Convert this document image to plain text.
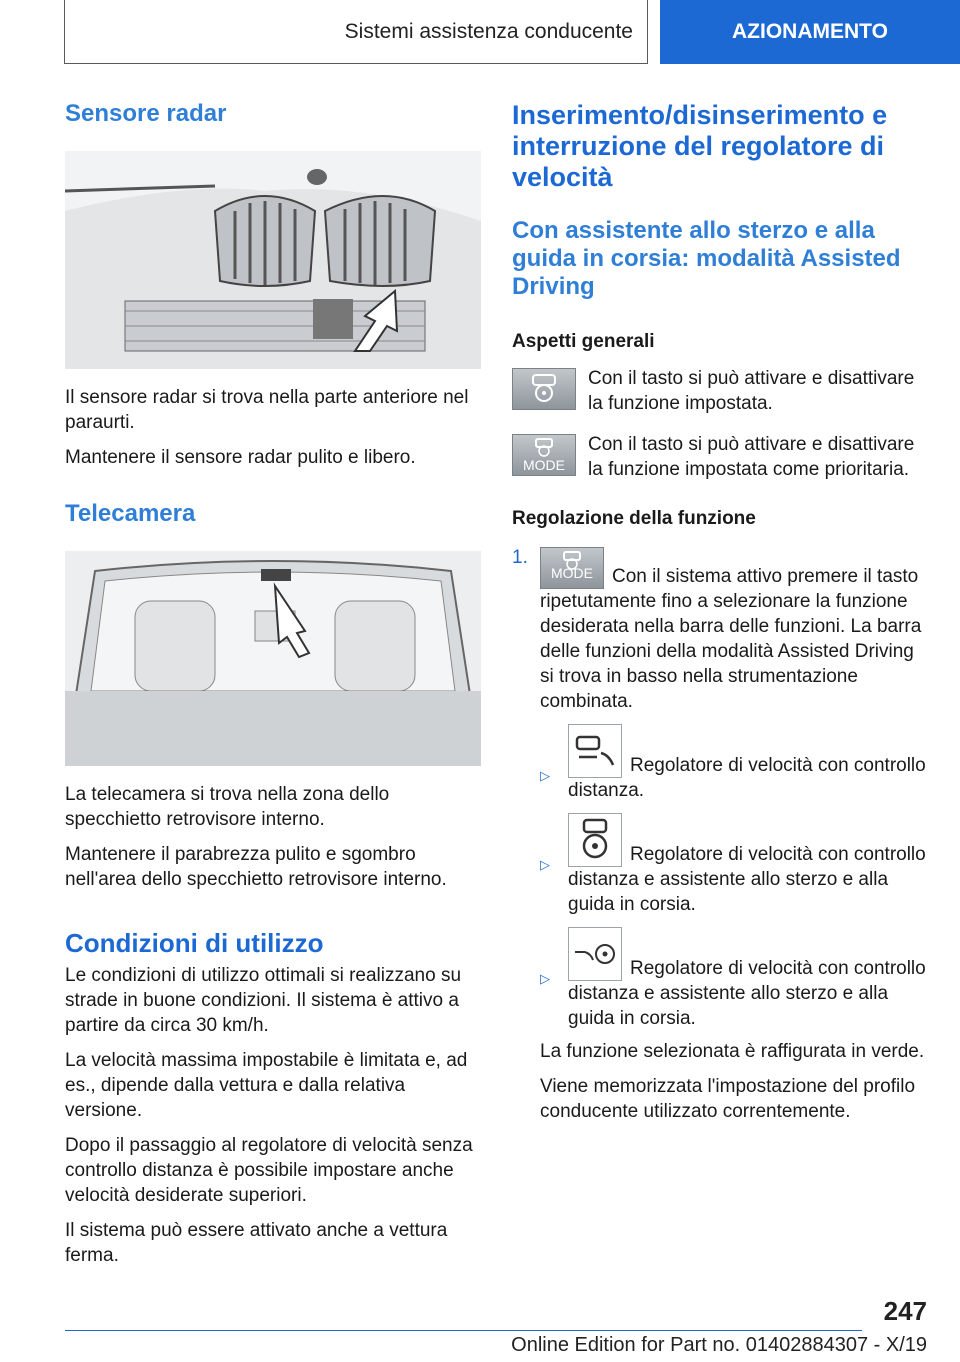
Sistemi assistenza conducente	AZIONAMENTO
Sensore radar

Il sensore radar si trova nella parte anteriore nel paraurti.

Mantenere il sensore radar pulito e libero.

Telecamera

La telecamera si trova nella zona dello specchietto retrovisore interno.

Mantenere il parabrezza pulito e sgombro nell'area dello specchietto retrovisore interno.

Condizioni di utilizzo

Le condizioni di utilizzo ottimali si realizzano su strade in buone condizioni. Il sistema è attivo a partire da circa 30 km/h.

La velocità massima impostabile è limitata e, ad es., dipende dalla vettura e dalla relativa versione.

Dopo il passaggio al regolatore di velocità senza controllo distanza è possibile impostare anche velocità desiderate superiori.

Il sistema può essere attivato anche a vettura ferma.

Inserimento/disinserimento e interruzione del regolatore di velocità
Con assistente allo sterzo e alla guida in corsia: modalità Assisted Driving

Aspetti generali

Con il tasto si può attivare e disattivare la funzione impostata.

MODE

Con il tasto si può attivare e disattivare la funzione impostata come prioritaria.

Regolazione della funzione

1.

MODE	Con il sistema attivo premere il tasto ripetutamente fino a selezionare la funzione desiderata nella barra delle funzioni. La barra delle funzioni della modalità Assisted Driving si trova in basso nella strumentazione combinata.

▷	Regolatore di velocità con controllo distanza.

▷	Regolatore di velocità con controllo distanza e assistente allo sterzo e alla guida in corsia.

▷	Regolatore di velocità con controllo distanza e assistente allo sterzo e alla guida in corsia.

La funzione selezionata è raffigurata in verde.

Viene memorizzata l'impostazione del profilo conducente utilizzato correntemente.

247
Online Edition for Part no. 01402884307 - X/19
